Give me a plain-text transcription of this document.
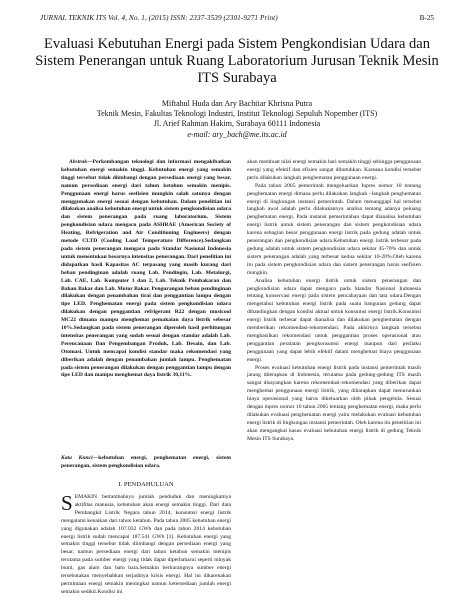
JURNAL TEKNIK ITS Vol. 4, No. 1, (2015) ISSN: 2337-3539 (2301-9271 Print)	B-25
Evaluasi Kebutuhan Energi pada Sistem Pengkondisian Udara dan Sistem Penerangan untuk Ruang Laboratorium Jurusan Teknik Mesin ITS Surabaya
Miftahul Huda dan Ary Bachtiar Khrisna Putra
Teknik Mesin, Fakultas Teknologi Industri, Institut Teknologi Sepuluh Nopember (ITS)
Jl. Arief Rahman Hakim, Surabaya 60111 Indonesia
e-mail: ary_bach@me.its.ac.id

Abstrak—Perkembangan teknologi dan informasi mengakibatkan kebutuhan energi semakin tinggi. Kebutuhan energi yang semakin tinggi tersebut tidak diimbangi dengan persediaan energi yang besar, namun persediaan energi dari tahun ketahun semakin menipis. Penggunaan energi harus seefisien mungkin salah satunya dengan menggunakan energi sesuai dengan kebutuhan. Dalam penelitian ini dilakukan analisa kebutuhan energi untuk sistem pengkondisian udara dan sistem penerangan pada ruang laboratorium. Sistem pengkondisian udara mengacu pada ASHRAE (American Society of Heating, Refrigeration and Air Conditioning Engineers) dengan metode CLTD (Cooling Load Temperature Difference).Sedangkan pada sistem penerangan mengacu pada Standar Nasional Indonesia untuk menentukan besarnya intensitas penerangan. Dari penelitian ini didapatkan hasil Kapasitas AC terpasang yang masih kurang dari beban pendinginan adalah ruang Lab. Pendingin, Lab. Metalurgi, Lab. CAE, Lab. Komputer 1 dan 2, Lab. Teknik Pembakaran dan Bahan Bakar dan Lab. Motor Bakar. Pengurangan beban pendinginan dilakukan dengan penambahan tirai dan penggantian lampu dengan tipe LED. Penghematan energi pada sistem pengkondisian udara dilakukan dengan penggantian refrigerant R22 dengan musicool MC22 dimana mampu menghemat pemakaian daya listrik sebesar 10%.Sedangkan pada sistem penerangan diperoleh hasil perhitungan intensitas penerangan yang sudah sesuai dengan standar adalah Lab. Perencanaan Dan Pengembangan Produk, Lab. Desain, dan Lab. Otomasi. Untuk mencapai kondisi standar maka rekomendasi yang diberikan adalah dengan penambahan jumlah lampu. Penghematan pada sistem penerangan dilakukan dengan penggantian lampu dengan tipe LED dan mampu menghemat daya listrik 30,11%.

Kata Kunci—kebutuhan energi, penghematan energi, sistem penerangan, sistem pengkondisian udara.
I. PENDAHULUAN

SEMAKIN bertambahnya jumlah penduduk dan meningkatnya aktifitas manusia, kebutuhan akan energi semakin tinggi. Dari data Pembangkit Listrik Negara tahun 2014, konsumsi energi listrik mengalami kenaikan dari tahun ketahun. Pada tahun 2005 kebutuhan energi yang digunakan adalah 107.032 GWh dan pada tahun 2014 kebutuhan energi listrik sudah mencapai 187.541 GWh [1]. Kebutuhan energi yang semakin tinggi tersebut tidak diimbangi dengan persediaan energi yang besar, namun persediaan energi dari tahun ketahun semakin menipis terutama pada sumber energi yang tidak dapat diperbaharui seperti minyak bumi, gas alam dan batu bara.Semakin berkurangnya sumber energi tersebutakan menyebabkan terjadinya krisis energi. Hal ini dikarenakan permintaan energi semakin meningkat namun ketersediaan jumlah energi semakin sedikit.Kondisi ini

akan membuat nilai energi semakin hari semakin tinggi sehingga penggunaan energi yang efektif dan efisien sangat dibutuhkan. Kareana kondisi tersebut perlu dilakukan langkah penghematan penggunaan energi.

Pada tahun 2005 pemerintah mengeluarkan Inpres nomor 10 tentang penghematan energi dimana perlu dilakukan langkah –langkah penghematan energi di lingkungan instansi pemerintah. Dalam menanggapi hal tersebut langkah awal adalah perlu dilakukannya analisa tentang adanya peluang penghematan energi. Pada instansi pemerintahan dapat dianalisa kebutuhan energi listrik untuk sistem penerangan dan sistem pengkondisian udara karena sebagian besar penggunaan energi listrik pada gedung adalah untuk penerangan dan pengkondisian udara.Kebutuhan energi listrik terbesar pada gedung adalah untuk sistem pengkondisian udara sekitar 45-70% dan untuk sistem penerangan adalah yang terbesar kedua sekitar 10-20%.Oleh karena itu pada sistem pengkondisian udara dan sistem penerangan harus seefisien mungkin.

Analisa kebutuhan energi listrik untuk sistem penerangan dan pengkondisian udara dapat mengacu pada Standar Nasional Indonesia tentang konservasi energi pada sistem pencahayaan dan tata udara.Dengan mengetahui kebutuhan energi listrik pada suatu bangunan gedung dapat dibandingkan dengan kondisi aktual untuk konsumsi energi listrik.Konsumsi energi listrik terbesar dapat dianalisa dan dilakukan penghematan dengan memberikan rekomendasi-rekomendasi. Pada akhirnya langkah tersebut menghasilkan rekomendasi untuk penggantian proses operasional atau penggantian peralatan pengkonsumsi energi maupun dari perilaku penggunaan yang dapat lebih efektif dalam menghemat biaya penggunaan energi.

Proses evaluasi kebutuhan energi listrik pada instansi pemerintah masih jarang diterapkan di Indonesia, terutama pada gedung-gedung ITS masih sangat disayangkan karena rekomendasi-rekomendasi yang diberikan dapat menghemat penggunaan energi listrik, yang diharapkan dapat menurunkan biaya operasional yang harus dikeluarkan oleh pihak pengelola. Sesuai dengan inpres nomor 10 tahun 2005 tentang penghematan energi, maka perlu dilakukan evaluasi penghematan energi yaitu melakukan evaluasi kebutuhan energi listrik di lingkungan instansi pemerintah. Oleh karena itu penelitian ini akan mengangkat kasus evaluasi kebutuhan energi listrik di gedung Teknik Mesin ITS Surabaya.
